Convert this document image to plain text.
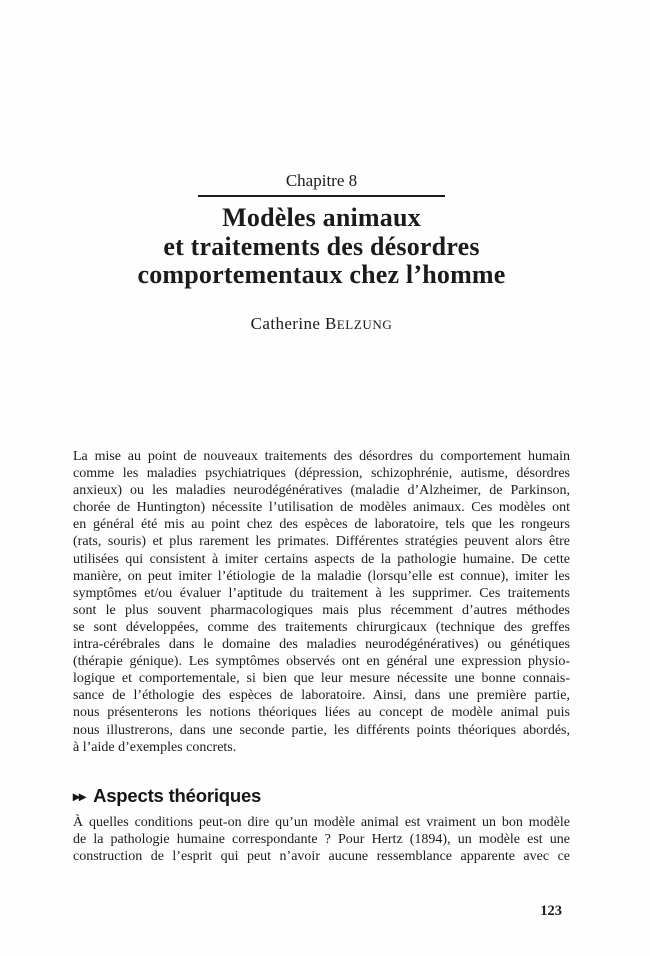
Chapitre 8
Modèles animaux
et traitements des désordres
comportementaux chez l’homme
Catherine BELZUNG
La mise au point de nouveaux traitements des désordres du comportement humain
comme les maladies psychiatriques (dépression, schizophrénie, autisme, désordres
anxieux) ou les maladies neurodégénératives (maladie d’Alzheimer, de Parkinson,
chorée de Huntington) nécessite l’utilisation de modèles animaux. Ces modèles ont
en général été mis au point chez des espèces de laboratoire, tels que les rongeurs
(rats, souris) et plus rarement les primates. Différentes stratégies peuvent alors être
utilisées qui consistent à imiter certains aspects de la pathologie humaine. De cette
manière, on peut imiter l’étiologie de la maladie (lorsqu’elle est connue), imiter les
symptômes et/ou évaluer l’aptitude du traitement à les supprimer. Ces traitements
sont le plus souvent pharmacologiques mais plus récemment d’autres méthodes
se sont développées, comme des traitements chirurgicaux (technique des greffes
intra-cérébrales dans le domaine des maladies neurodégénératives) ou génétiques
(thérapie génique). Les symptômes observés ont en général une expression physio-
logique et comportementale, si bien que leur mesure nécessite une bonne connais-
sance de l’éthologie des espèces de laboratoire. Ainsi, dans une première partie,
nous présenterons les notions théoriques liées au concept de modèle animal puis
nous illustrerons, dans une seconde partie, les différents points théoriques abordés,
à l’aide d’exemples concrets.
▸▸ Aspects théoriques
À quelles conditions peut-on dire qu’un modèle animal est vraiment un bon modèle
de la pathologie humaine correspondante ? Pour Hertz (1894), un modèle est une
construction de l’esprit qui peut n’avoir aucune ressemblance apparente avec ce
123
